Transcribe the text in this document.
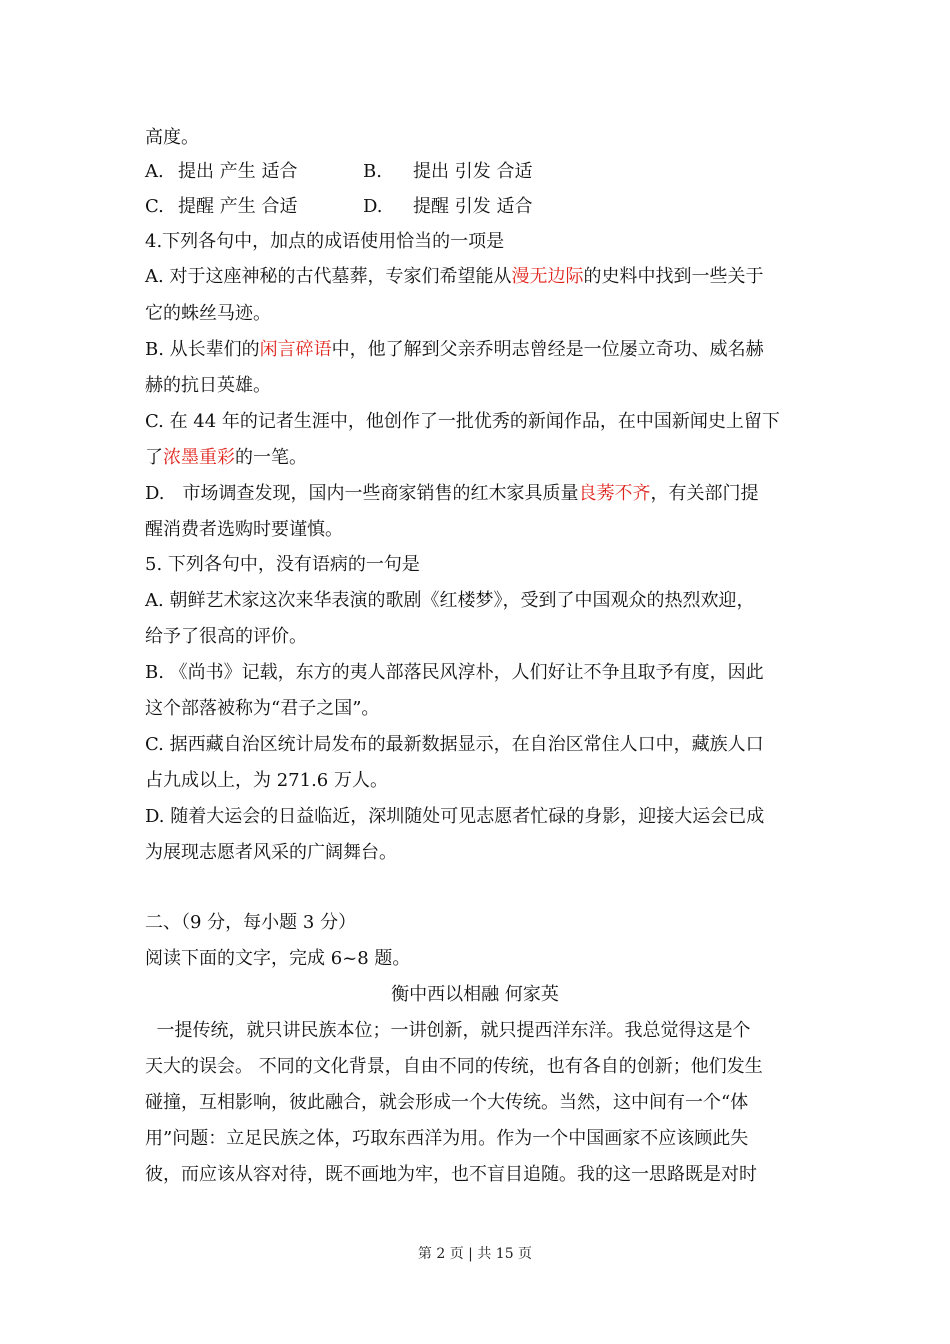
高度。
A. 提出 产生 适合	B. 提出 引发 合适
C. 提醒 产生 合适	D. 提醒 引发 适合
4.下列各句中，加点的成语使用恰当的一项是
A. 对于这座神秘的古代墓葬，专家们希望能从漫无边际的史料中找到一些关于
它的蛛丝马迹。
B. 从长辈们的闲言碎语中，他了解到父亲乔明志曾经是一位屡立奇功、威名赫
赫的抗日英雄。
C. 在 44 年的记者生涯中，他创作了一批优秀的新闻作品，在中国新闻史上留下
了浓墨重彩的一笔。
D.　市场调查发现，国内一些商家销售的红木家具质量良莠不齐，有关部门提
醒消费者选购时要谨慎。
5. 下列各句中，没有语病的一句是
A. 朝鲜艺术家这次来华表演的歌剧《红楼梦》，受到了中国观众的热烈欢迎，
给予了很高的评价。
B. 《尚书》记载，东方的夷人部落民风淳朴，人们好让不争且取予有度，因此
这个部落被称为“君子之国”。
C. 据西藏自治区统计局发布的最新数据显示，在自治区常住人口中，藏族人口
占九成以上，为 271.6 万人。
D. 随着大运会的日益临近，深圳随处可见志愿者忙碌的身影，迎接大运会已成
为展现志愿者风采的广阔舞台。
二、（9 分，每小题 3 分）
阅读下面的文字，完成 6~8 题。
衡中西以相融 何家英
一提传统，就只讲民族本位；一讲创新，就只提西洋东洋。我总觉得这是个
天大的误会。 不同的文化背景，自由不同的传统，也有各自的创新；他们发生
碰撞，互相影响，彼此融合，就会形成一个大传统。当然，这中间有一个“体
用”问题：立足民族之体，巧取东西洋为用。作为一个中国画家不应该顾此失
彼，而应该从容对待，既不画地为牢，也不盲目追随。我的这一思路既是对时
第 2 页 | 共 15 页
